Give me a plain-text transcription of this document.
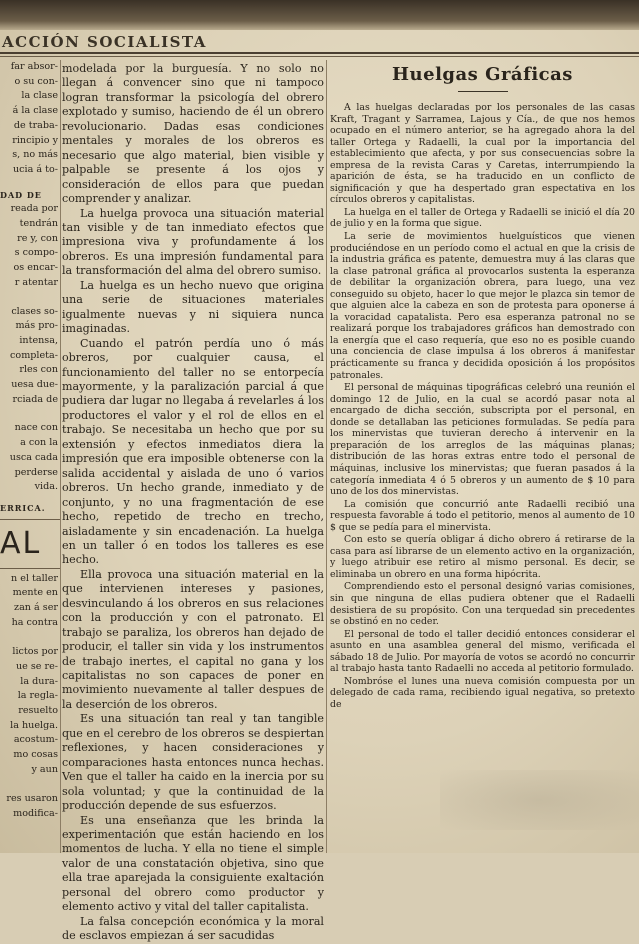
ACCIÓN SOCIALISTA
far absor-
o su con-
la clase
á la clase
de traba-
rincipio y
s, no más
ucia á to-
DAD DE
reada por
tendrán
re y, con
s compo-
os encar-
r atentar
clases so-
más pro-
intensa,
completa-
rles con
uesa due-
rciada de
nace con
a con la
usca cada
perderse
vida.
ERRICA.
AL
n el taller
mente en
zan á ser
ha contra

lictos por
ue se re-
la dura-
la regla-
resuelto
la huelga.
acostum-
mo cosas
y aun

res usaron
modifica-

modelada por la burguesía. Y no solo no llegan á convencer sino que ni tampoco logran transformar la psicología del obrero explotado y sumiso, haciendo de él un obrero revolucionario. Dadas esas condiciones mentales y morales de los obreros es necesario que algo material, bien visible y palpable se presente á los ojos y consideración de ellos para que puedan comprender y analizar.

La huelga provoca una situación material tan visible y de tan inmediato efectos que impresiona viva y profundamente á los obreros. Es una impresión fundamental para la transformación del alma del obrero sumiso.

La huelga es un hecho nuevo que origina una serie de situaciones materiales igualmente nuevas y ni siquiera nunca imaginadas.

Cuando el patrón perdía uno ó más obreros, por cualquier causa, el funcionamiento del taller no se entorpecía mayormente, y la paralización parcial á que pudiera dar lugar no llegaba á revelarles á los productores el valor y el rol de ellos en el trabajo. Se necesitaba un hecho que por su extensión y efectos inmediatos diera la impresión que era imposible obtenerse con la salida accidental y aislada de uno ó varios obreros. Un hecho grande, inmediato y de conjunto, y no una fragmentación de ese hecho, repetido de trecho en trecho, aisladamente y sin encadenación. La huelga en un taller ó en todos los talleres es ese hecho.

Ella provoca una situación material en la que intervienen intereses y pasiones, desvinculando á los obreros en sus relaciones con la producción y con el patronato. El trabajo se paraliza, los obreros han dejado de producir, el taller sin vida y los instrumentos de trabajo inertes, el capital no gana y los capitalistas no son capaces de poner en movimiento nuevamente al taller despues de la deserción de los obreros.

Es una situación tan real y tan tangible que en el cerebro de los obreros se despiertan reflexiones, y hacen consideraciones y comparaciones hasta entonces nunca hechas. Ven que el taller ha caido en la inercia por su sola voluntad; y que la continuidad de la producción depende de sus esfuerzos.

Es una enseñanza que les brinda la experimentación que están haciendo en los momentos de lucha. Y ella no tiene el simple valor de una constatación objetiva, sino que ella trae aparejada la consiguiente exaltación personal del obrero como productor y elemento activo y vital del taller capitalista.

La falsa concepción económica y la moral de esclavos empiezan á ser sacudidas

Huelgas Gráficas

A las huelgas declaradas por los personales de las casas Kraft, Tragant y Sarramea, Lajous y Cía., de que nos hemos ocupado en el número anterior, se ha agregado ahora la del taller Ortega y Radaelli, la cual por la importancia del establecimiento que afecta, y por sus consecuencias sobre la empresa de la revista Caras y Caretas, interrumpiendo la aparición de ésta, se ha traducido en un conflicto de significación y que ha despertado gran espectativa en los círculos obreros y capitalistas.

La huelga en el taller de Ortega y Radaelli se inició el día 20 de julio y en la forma que sigue.

La serie de movimientos huelguísticos que vienen produciéndose en un período como el actual en que la crisis de la industria gráfica es patente, demuestra muy á las claras que la clase patronal gráfica al provocarlos sustenta la esperanza de debilitar la organización obrera, para luego, una vez conseguido su objeto, hacer lo que mejor le plazca sin temor de que alguien alce la cabeza en son de protesta para oponerse á la voracidad capatalista. Pero esa esperanza patronal no se realizará porque los trabajadores gráficos han demostrado con la energía que el caso requería, que eso no es posible cuando una conciencia de clase impulsa á los obreros á manifestar prácticamente su franca y decidida oposición á los propósitos patronales.

El personal de máquinas tipográficas celebró una reunión el domingo 12 de Julio, en la cual se acordó pasar nota al encargado de dicha sección, subscripta por el personal, en donde se detallaban las peticiones formuladas. Se pedía para los minervistas que tuvieran derecho á intervenir en la preparación de los arreglos de las máquinas planas; distribución de las horas extras entre todo el personal de máquinas, inclusive los minervistas; que fueran pasados á la categoría inmediata 4 ó 5 obreros y un aumento de $ 10 para uno de los dos minervistas.

La comisión que concurrió ante Radaelli recibió una respuesta favorable á todo el petitorio, menos al aumento de 10 $ que se pedía para el minervista.

Con esto se quería obligar á dicho obrero á retirarse de la casa para así librarse de un elemento activo en la organización, y luego atribuir ese retiro al mismo personal. Es decir, se eliminaba un obrero en una forma hipócrita.

Comprendiendo esto el personal designó varias comisiones, sin que ninguna de ellas pudiera obtener que el Radaelli desistiera de su propósito. Con una terquedad sin precedentes se obstinó en no ceder.

El personal de todo el taller decidió entonces considerar el asunto en una asamblea general del mismo, verificada el sábado 18 de Julio. Por mayoría de votos se acordó no concurrir al trabajo hasta tanto Radaelli no acceda al petitorio formulado.

Nombróse el lunes una nueva comisión compuesta por un delegado de cada rama, recibiendo igual negativa, so pretexto de
